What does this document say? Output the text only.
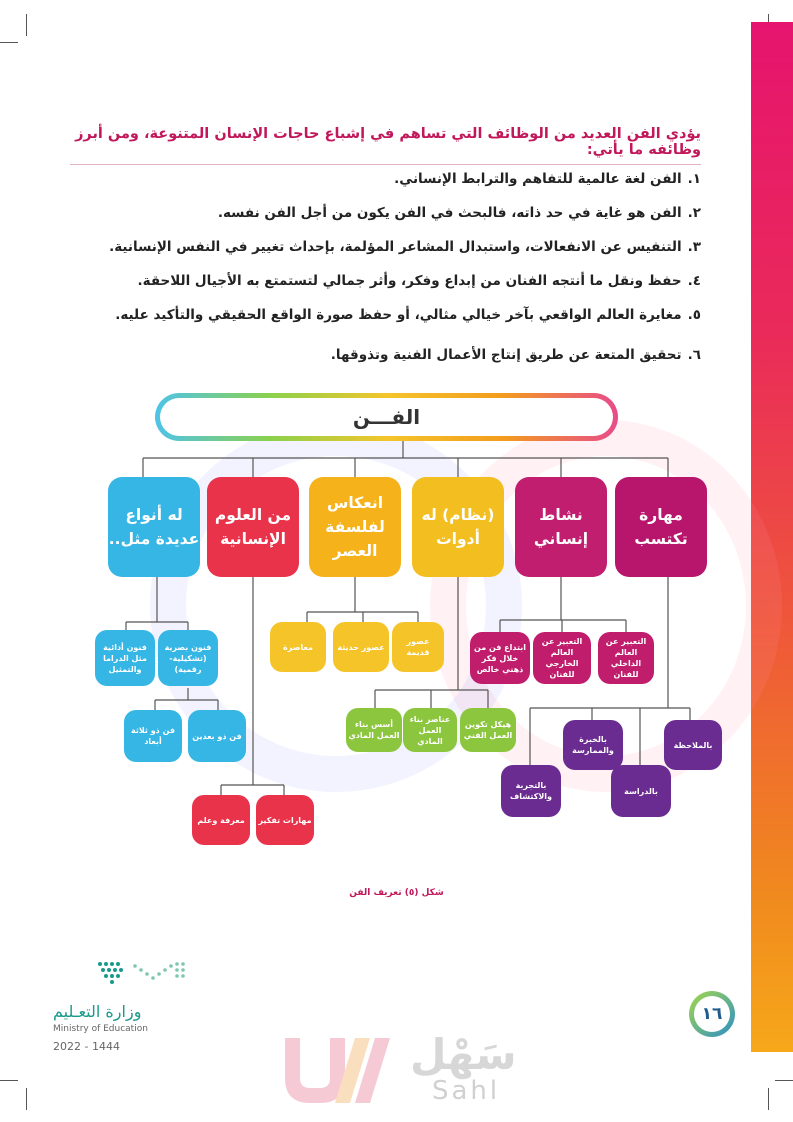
يؤدي الفن العديد من الوظائف التي تساهم في إشباع حاجات الإنسان المتنوعة، ومن أبرز وظائفه ما يأتي:
١.الفن لغة عالمية للتفاهم والترابط الإنساني.
٢.الفن هو غاية في حد ذاته، فالبحث في الفن يكون من أجل الفن نفسه.
٣.التنفيس عن الانفعالات، واستبدال المشاعر المؤلمة، بإحداث تغيير في النفس الإنسانية.
٤.حفظ ونقل ما أنتجه الفنان من إبداع وفكر، وأثر جمالي لتستمتع به الأجيال اللاحقة.
٥.مغايرة العالم الواقعي بآخر خيالي مثالي، أو حفظ صورة الواقع الحقيقي والتأكيد عليه.
٦.تحقيق المتعة عن طريق إنتاج الأعمال الفنية وتذوقها.
الفـــن
مهارة تكتسب
نشاط إنساني
(نظام) له أدوات
انعكاس لفلسفة العصر
من العلوم الإنسانية
له أنواع عديدة مثل..
عصور قديمة
عصور حديثة
معاصرة
التعبير عن العالم الداخلي للفنان
التعبير عن العالم الخارجي للفنان
ابتداع فن من خلال فكر ذهني خالص
هيكل تكوين العمل الفني
عناصر بناء العمل المادي
أسس بناء العمل المادي
بالملاحظة
بالخبرة والممارسة
بالدراسة
بالتجربة والاكتشاف
مهارات تفكير
معرفة وعلم
فنون بصرية (تشكيلية-رقمية)
فنون أدائية مثل الدراما والتمثيل
فن ذو بعدين
فن ذو ثلاثة أبعاد
شكل (٥) تعريف الفن
وزارة التعـليم
Ministry of Education
2022 - 1444
١٦
سَهْل
Sahl
